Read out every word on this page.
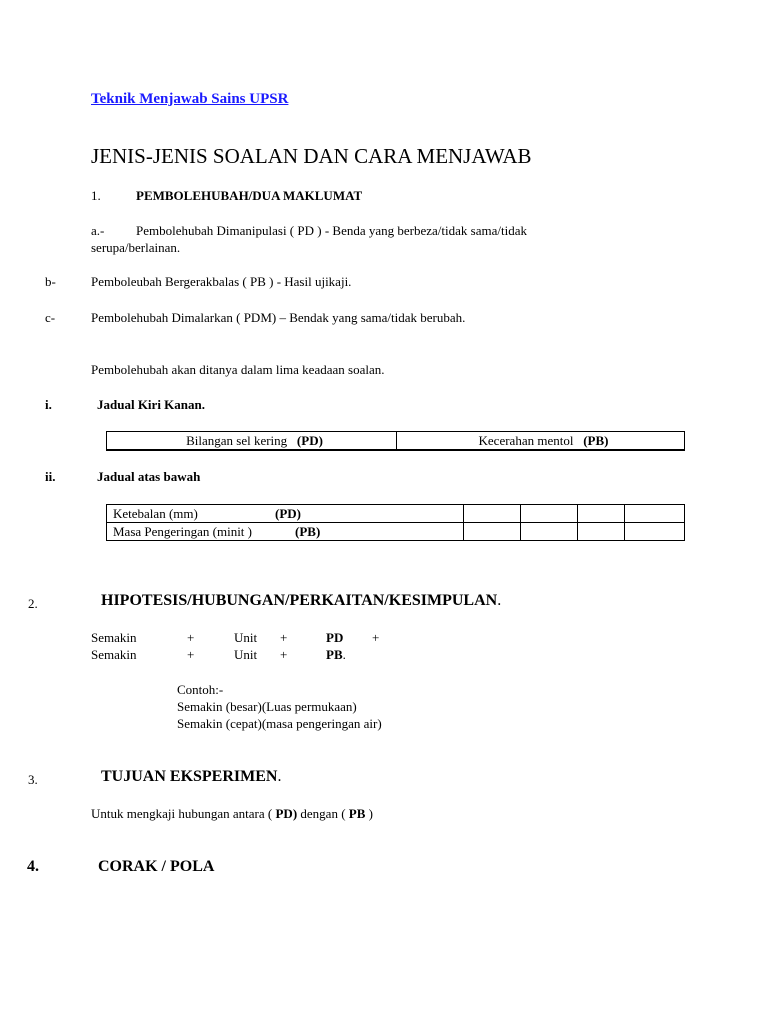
Teknik Menjawab Sains UPSR
JENIS-JENIS SOALAN DAN CARA MENJAWAB
1.	PEMBOLEHUBAH/DUA MAKLUMAT
a.- Pembolehubah Dimanipulasi ( PD ) - Benda yang berbeza/tidak sama/tidak
serupa/berlainan.
b-	Pemboleubah Bergerakbalas ( PB ) - Hasil ujikaji.
c-	Pembolehubah Dimalarkan ( PDM) – Bendak yang sama/tidak berubah.
Pembolehubah akan ditanya dalam lima keadaan soalan.
i.	Jadual Kiri Kanan.
Bilangan sel kering (PD)	Kecerahan mentol (PB)
ii.	Jadual atas bawah
Ketebalan (mm) (PD)				
Masa Pengeringan (minit ) (PB)				
2.	HIPOTESIS/HUBUNGAN/PERKAITAN/KESIMPULAN.
Semakin	+	Unit +	PD +
Semakin	+	Unit +	PB.
Contoh:-
Semakin (besar)(Luas permukaan)
Semakin (cepat)(masa pengeringan air)
3.	TUJUAN EKSPERIMEN.
Untuk mengkaji hubungan antara ( PD) dengan ( PB )
4.	CORAK / POLA
